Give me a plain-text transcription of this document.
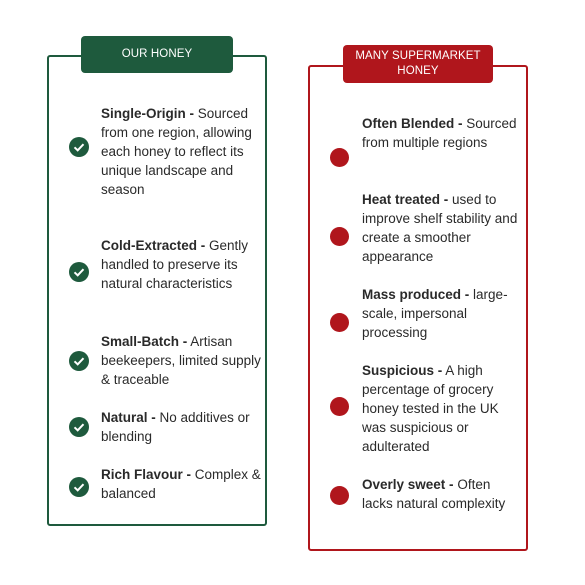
OUR HONEY	MANY SUPERMARKET HONEY
Single-Origin - Sourced from one region, allowing each honey to reflect its unique landscape and season
Cold-Extracted - Gently handled to preserve its natural characteristics
Small-Batch - Artisan beekeepers, limited supply & traceable
Natural - No additives or blending
Rich Flavour - Complex & balanced
Often Blended - Sourced from multiple regions
Heat treated - used to improve shelf stability and create a smoother appearance
Mass produced - large-scale, impersonal processing
Suspicious - A high percentage of grocery honey tested in the UK was suspicious or adulterated
Overly sweet - Often lacks natural complexity
